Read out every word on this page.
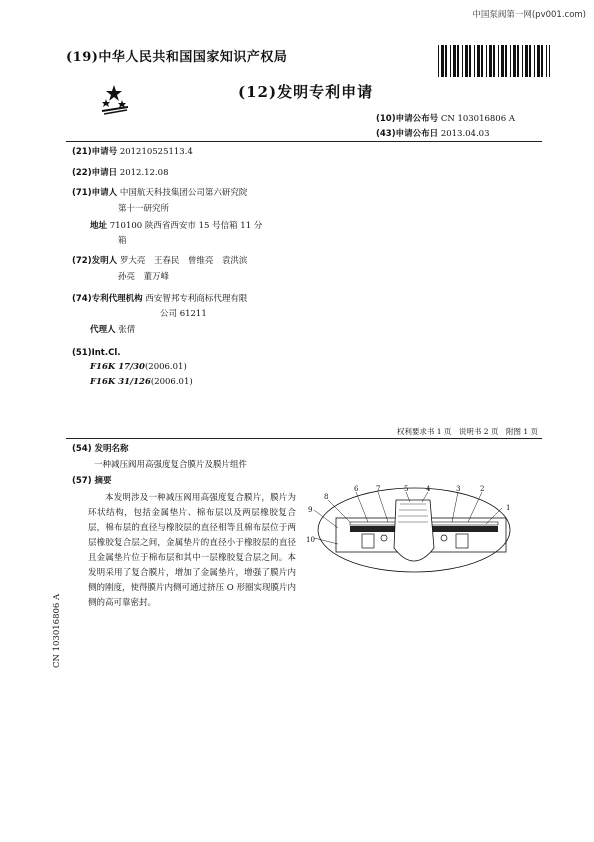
中国泵阀第一网(pv001.com)
(19)中华人民共和国国家知识产权局
(12)发明专利申请
(10)申请公布号 CN 103016806 A
(43)申请公布日 2013.04.03
(21)申请号 201210525113.4
(22)申请日 2012.12.08
(71)申请人 中国航天科技集团公司第六研究院
第十一研究所
地址 710100 陕西省西安市 15 号信箱 11 分
箱
(72)发明人 罗大亮　王春民　曾维亮　袁洪滨
孙亮　董万峰
(74)专利代理机构 西安智邦专利商标代理有限
公司 61211
代理人 张倩
(51)Int.Cl.
F16K 17/30(2006.01)
F16K 31/126(2006.01)
权利要求书 1 页　说明书 2 页　附图 1 页
(54) 发明名称
一种减压阀用高强度复合膜片及膜片组件
(57) 摘要
本发明涉及一种减压阀用高强度复合膜片，膜片为环状结构，包括金属垫片、棉布层以及两层橡胶复合层，棉布层的直径与橡胶层的直径相等且棉布层位于两层橡胶复合层之间，金属垫片的直径小于橡胶层的直径且金属垫片位于棉布层和其中一层橡胶复合层之间。本发明采用了复合膜片，增加了金属垫片，增强了膜片内侧的刚度，使得膜片内侧可通过挤压 O 形圈实现膜片内侧的高可靠密封。
CN 103016806 A
1
2
3
4
5
6	7
8
9
10
